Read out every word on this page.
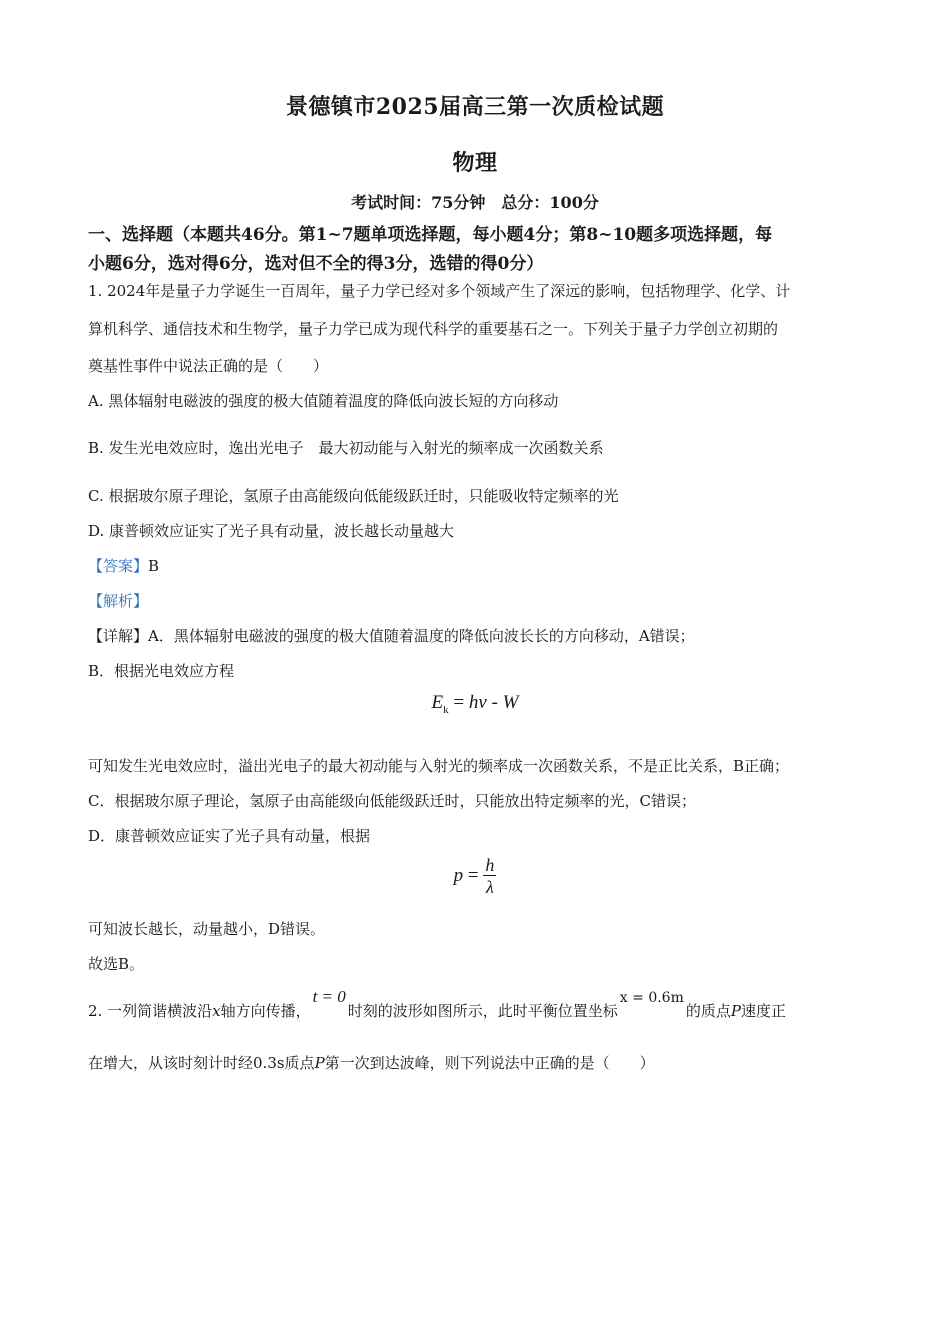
景德镇市2025届高三第一次质检试题
物理
考试时间：75分钟　总分：100分
一、选择题（本题共46分。第1~7题单项选择题，每小题4分；第8~10题多项选择题，每
小题6分，选对得6分，选对但不全的得3分，选错的得0分）
1. 2024年是量子力学诞生一百周年，量子力学已经对多个领域产生了深远的影响，包括物理学、化学、计
算机科学、通信技术和生物学，量子力学已成为现代科学的重要基石之一。下列关于量子力学创立初期的
奠基性事件中说法正确的是（　　）
A. 黑体辐射电磁波的强度的极大值随着温度的降低向波长短的方向移动
B. 发生光电效应时，逸出光电子　最大初动能与入射光的频率成一次函数关系
C. 根据玻尔原子理论，氢原子由高能级向低能级跃迁时，只能吸收特定频率的光
D. 康普顿效应证实了光子具有动量，波长越长动量越大
【答案】B
【解析】
【详解】A．黑体辐射电磁波的强度的极大值随着温度的降低向波长长的方向移动，A错误；
B．根据光电效应方程
$E_k = h\nu - W$
可知发生光电效应时，溢出光电子的最大初动能与入射光的频率成一次函数关系，不是正比关系，B正确；
C．根据玻尔原子理论，氢原子由高能级向低能级跃迁时，只能放出特定频率的光，C错误；
D．康普顿效应证实了光子具有动量，根据
$p = \frac{h}{\lambda}$
可知波长越长，动量越小，D错误。
故选B。
2. 一列简谐横波沿x轴方向传播，t = 0时刻的波形如图所示，此时平衡位置坐标x = 0.6m的质点P速度正
在增大，从该时刻计时经0.3s质点P第一次到达波峰，则下列说法中正确的是（　　）
